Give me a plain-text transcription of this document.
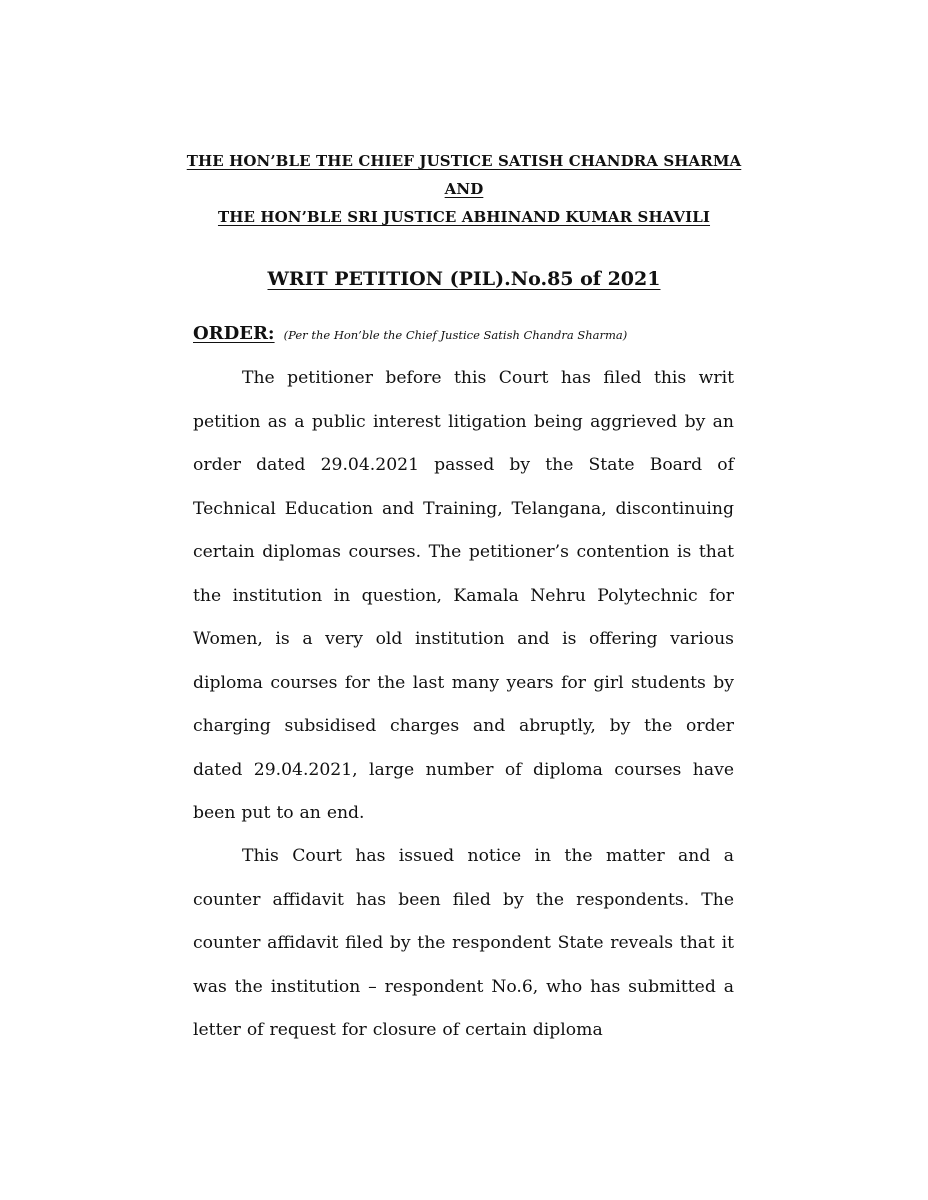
THE HON’BLE THE CHIEF JUSTICE SATISH CHANDRA SHARMA
AND
THE HON’BLE SRI JUSTICE ABHINAND KUMAR SHAVILI
WRIT PETITION (PIL).No.85 of 2021
ORDER: (Per the Hon’ble the Chief Justice Satish Chandra Sharma)

The petitioner before this Court has filed this writ petition as a public interest litigation being aggrieved by an order dated 29.04.2021 passed by the State Board of Technical Education and Training, Telangana, discontinuing certain diplomas courses. The petitioner’s contention is that the institution in question, Kamala Nehru Polytechnic for Women, is a very old institution and is offering various diploma courses for the last many years for girl students by charging subsidised charges and abruptly, by the order dated 29.04.2021, large number of diploma courses have been put to an end.

This Court has issued notice in the matter and a counter affidavit has been filed by the respondents. The counter affidavit filed by the respondent State reveals that it was the institution – respondent No.6, who has submitted a letter of request for closure of certain diploma
